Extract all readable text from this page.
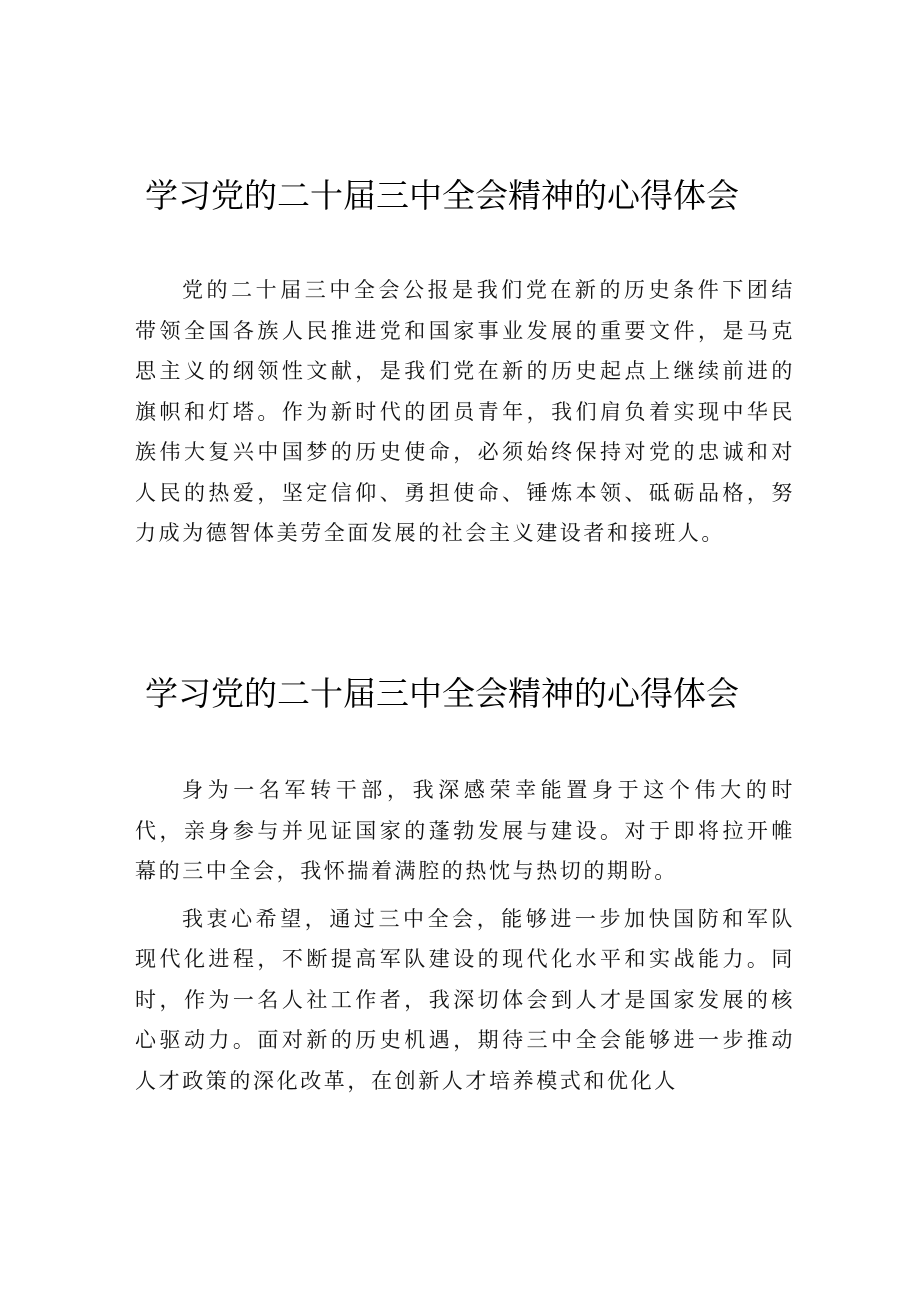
学习党的二十届三中全会精神的心得体会

党的二十届三中全会公报是我们党在新的历史条件下团结带领全国各族人民推进党和国家事业发展的重要文件，是马克思主义的纲领性文献，是我们党在新的历史起点上继续前进的旗帜和灯塔。作为新时代的团员青年，我们肩负着实现中华民族伟大复兴中国梦的历史使命，必须始终保持对党的忠诚和对人民的热爱，坚定信仰、勇担使命、锤炼本领、砥砺品格，努力成为德智体美劳全面发展的社会主义建设者和接班人。

学习党的二十届三中全会精神的心得体会

身为一名军转干部，我深感荣幸能置身于这个伟大的时代，亲身参与并见证国家的蓬勃发展与建设。对于即将拉开帷幕的三中全会，我怀揣着满腔的热忱与热切的期盼。

我衷心希望，通过三中全会，能够进一步加快国防和军队现代化进程，不断提高军队建设的现代化水平和实战能力。同时，作为一名人社工作者，我深切体会到人才是国家发展的核心驱动力。面对新的历史机遇，期待三中全会能够进一步推动人才政策的深化改革，在创新人才培养模式和优化人
